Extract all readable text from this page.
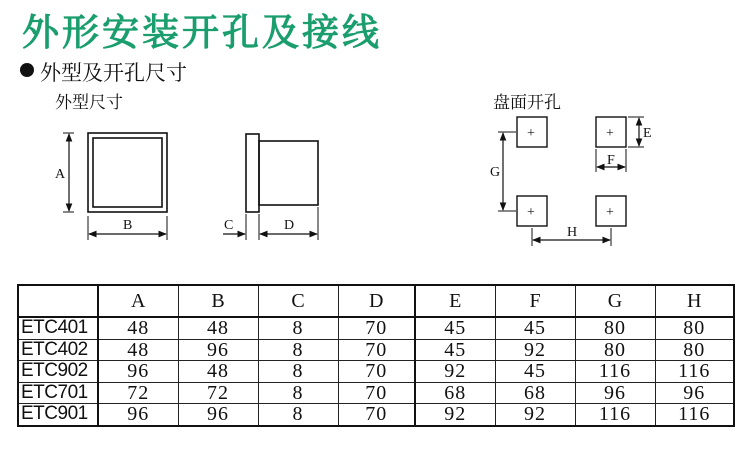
外形安装开孔及接线
外型及开孔尺寸
外型尺寸	盘面开孔
A
B	C	D
+	+
+	+
E
F
G
H
	A	B	C	D	E	F	G	H
ETC401	48	48	8	70	45	45	80	80
ETC402	48	96	8	70	45	92	80	80
ETC902	96	48	8	70	92	45	116	116
ETC701	72	72	8	70	68	68	96	96
ETC901	96	96	8	70	92	92	116	116
